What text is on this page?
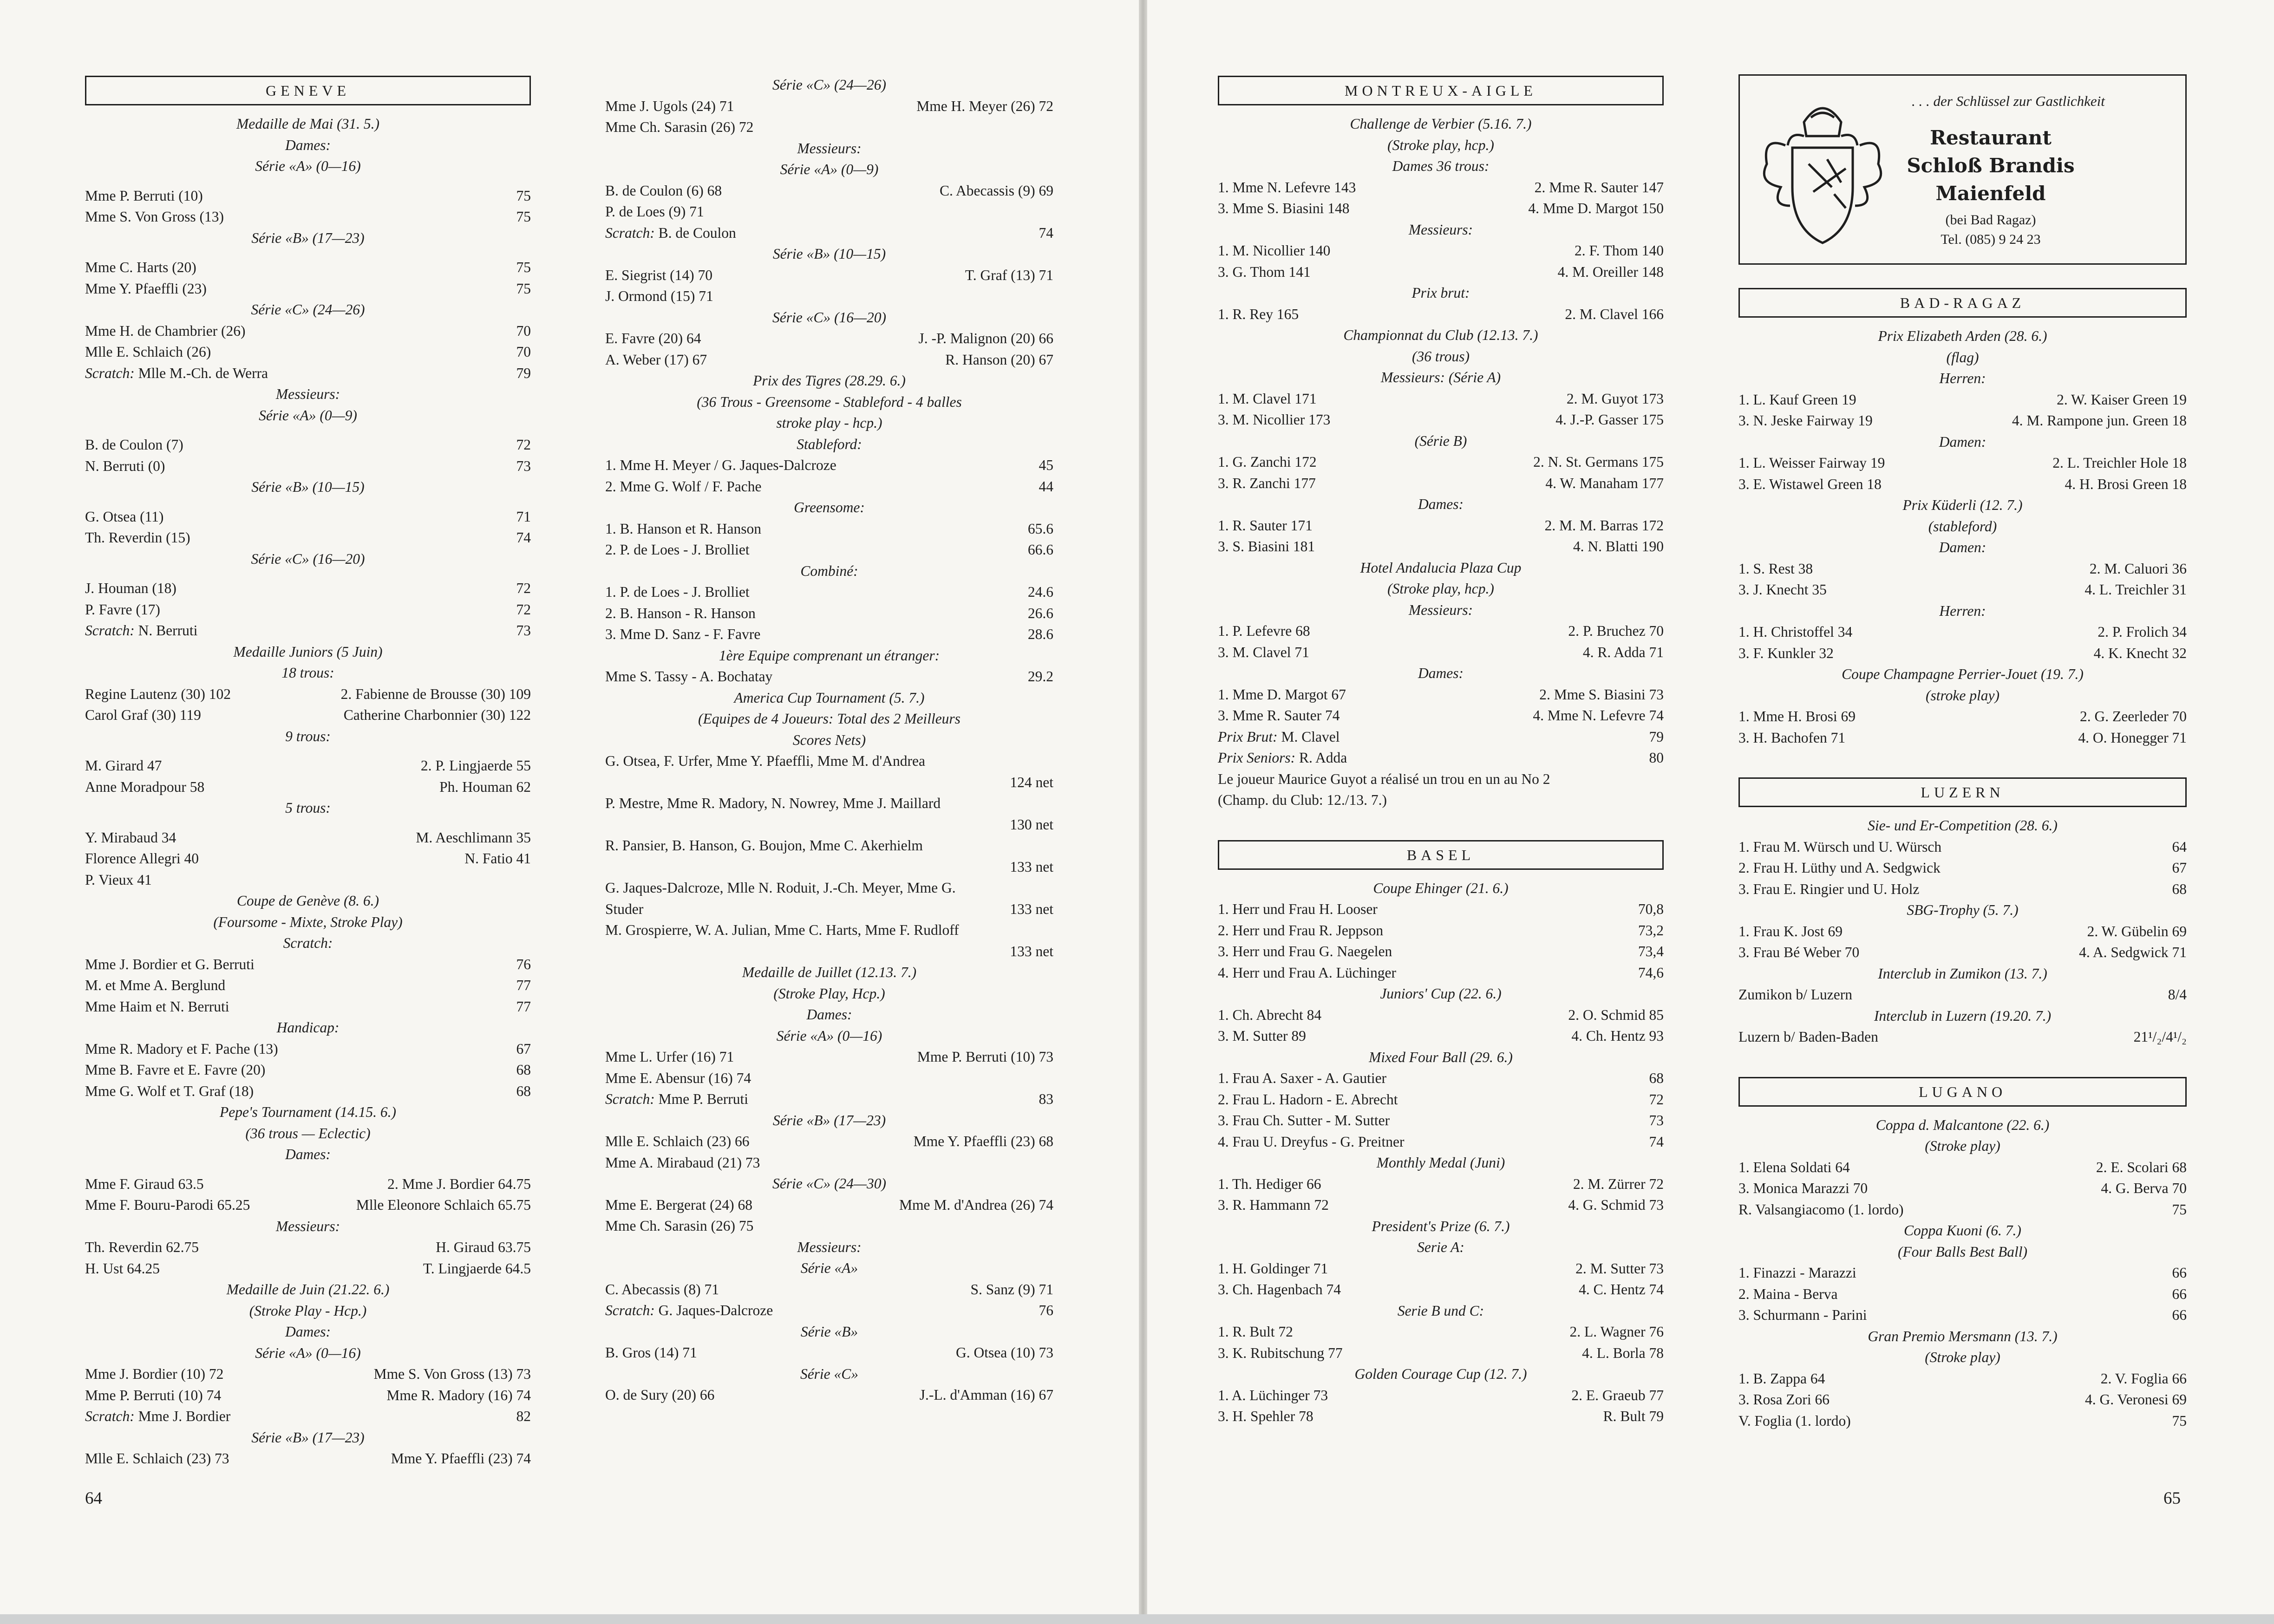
GENEVE
Medaille de Mai (31. 5.)
Dames:
Série «A» (0—16)
Mme P. Berruti (10)	75
Mme S. Von Gross (13)	75
Série «B» (17—23)
Mme C. Harts (20)	75
Mme Y. Pfaeffli (23)	75
Série «C» (24—26)
Mme H. de Chambrier (26)	70
Mlle E. Schlaich (26)	70
Scratch: Mlle M.-Ch. de Werra	79
Messieurs:
Série «A» (0—9)
B. de Coulon (7)	72
N. Berruti (0)	73
Série «B» (10—15)
G. Otsea (11)	71
Th. Reverdin (15)	74
Série «C» (16—20)
J. Houman (18)	72
P. Favre (17)	72
Scratch: N. Berruti	73
Medaille Juniors (5 Juin)
18 trous:
Regine Lautenz (30) 102	2. Fabienne de Brousse (30) 109
Carol Graf (30) 119	Catherine Charbonnier (30) 122
9 trous:
M. Girard 47	2. P. Lingjaerde 55
Anne Moradpour 58	Ph. Houman 62
5 trous:
Y. Mirabaud 34	M. Aeschlimann 35
Florence Allegri 40	N. Fatio 41
P. Vieux 41
Coupe de Genève (8. 6.)
(Foursome - Mixte, Stroke Play)
Scratch:
Mme J. Bordier et G. Berruti	76
M. et Mme A. Berglund	77
Mme Haim et N. Berruti	77
Handicap:
Mme R. Madory et F. Pache (13)	67
Mme B. Favre et E. Favre (20)	68
Mme G. Wolf et T. Graf (18)	68
Pepe's Tournament (14.15. 6.)
(36 trous — Eclectic)
Dames:
Mme F. Giraud 63.5	2. Mme J. Bordier 64.75
Mme F. Bouru-Parodi 65.25	Mlle Eleonore Schlaich 65.75
Messieurs:
Th. Reverdin 62.75	H. Giraud 63.75
H. Ust 64.25	T. Lingjaerde 64.5
Medaille de Juin (21.22. 6.)
(Stroke Play - Hcp.)
Dames:
Série «A» (0—16)
Mme J. Bordier (10) 72	Mme S. Von Gross (13) 73
Mme P. Berruti (10) 74	Mme R. Madory (16) 74
Scratch: Mme J. Bordier	82
Série «B» (17—23)
Mlle E. Schlaich (23) 73	Mme Y. Pfaeffli (23) 74
Série «C» (24—26)
Mme J. Ugols (24) 71	Mme H. Meyer (26) 72
Mme Ch. Sarasin (26) 72
Messieurs:
Série «A» (0—9)
B. de Coulon (6) 68	C. Abecassis (9) 69
P. de Loes (9) 71
Scratch: B. de Coulon	74
Série «B» (10—15)
E. Siegrist (14) 70	T. Graf (13) 71
J. Ormond (15) 71
Série «C» (16—20)
E. Favre (20) 64	J. -P. Malignon (20) 66
A. Weber (17) 67	R. Hanson (20) 67
Prix des Tigres (28.29. 6.)
(36 Trous - Greensome - Stableford - 4 balles
stroke play - hcp.)
Stableford:
1. Mme H. Meyer / G. Jaques-Dalcroze	45
2. Mme G. Wolf / F. Pache	44
Greensome:
1. B. Hanson et R. Hanson	65.6
2. P. de Loes - J. Brolliet	66.6
Combiné:
1. P. de Loes - J. Brolliet	24.6
2. B. Hanson - R. Hanson	26.6
3. Mme D. Sanz - F. Favre	28.6
1ère Equipe comprenant un étranger:
Mme S. Tassy - A. Bochatay	29.2
America Cup Tournament (5. 7.)
(Equipes de 4 Joueurs: Total des 2 Meilleurs
Scores Nets)
G. Otsea, F. Urfer, Mme Y. Pfaeffli, Mme M. d'Andrea
124 net
P. Mestre, Mme R. Madory, N. Nowrey, Mme J. Maillard
130 net
R. Pansier, B. Hanson, G. Boujon, Mme C. Akerhielm
133 net
G. Jaques-Dalcroze, Mlle N. Roduit, J.-Ch. Meyer, Mme G.
Studer	133 net
M. Grospierre, W. A. Julian, Mme C. Harts, Mme F. Rudloff
133 net
Medaille de Juillet (12.13. 7.)
(Stroke Play, Hcp.)
Dames:
Série «A» (0—16)
Mme L. Urfer (16) 71	Mme P. Berruti (10) 73
Mme E. Abensur (16) 74
Scratch: Mme P. Berruti	83
Série «B» (17—23)
Mlle E. Schlaich (23) 66	Mme Y. Pfaeffli (23) 68
Mme A. Mirabaud (21) 73
Série «C» (24—30)
Mme E. Bergerat (24) 68	Mme M. d'Andrea (26) 74
Mme Ch. Sarasin (26) 75
Messieurs:
Série «A»
C. Abecassis (8) 71	S. Sanz (9) 71
Scratch: G. Jaques-Dalcroze	76
Série «B»
B. Gros (14) 71	G. Otsea (10) 73
Série «C»
O. de Sury (20) 66	J.-L. d'Amman (16) 67
64
MONTREUX-AIGLE
Challenge de Verbier (5.16. 7.)
(Stroke play, hcp.)
Dames 36 trous:
1. Mme N. Lefevre 143	2. Mme R. Sauter 147
3. Mme S. Biasini 148	4. Mme D. Margot 150
Messieurs:
1. M. Nicollier 140	2. F. Thom 140
3. G. Thom 141	4. M. Oreiller 148
Prix brut:
1. R. Rey 165	2. M. Clavel 166
Championnat du Club (12.13. 7.)
(36 trous)
Messieurs: (Série A)
1. M. Clavel 171	2. M. Guyot 173
3. M. Nicollier 173	4. J.-P. Gasser 175
(Série B)
1. G. Zanchi 172	2. N. St. Germans 175
3. R. Zanchi 177	4. W. Manaham 177
Dames:
1. R. Sauter 171	2. M. M. Barras 172
3. S. Biasini 181	4. N. Blatti 190
Hotel Andalucia Plaza Cup
(Stroke play, hcp.)
Messieurs:
1. P. Lefevre 68	2. P. Bruchez 70
3. M. Clavel 71	4. R. Adda 71
Dames:
1. Mme D. Margot 67	2. Mme S. Biasini 73
3. Mme R. Sauter 74	4. Mme N. Lefevre 74
Prix Brut: M. Clavel	79
Prix Seniors: R. Adda	80
Le joueur Maurice Guyot a réalisé un trou en un au No 2
(Champ. du Club: 12./13. 7.)
BASEL
Coupe Ehinger (21. 6.)
1. Herr und Frau H. Looser	70,8
2. Herr und Frau R. Jeppson	73,2
3. Herr und Frau G. Naegelen	73,4
4. Herr und Frau A. Lüchinger	74,6
Juniors' Cup (22. 6.)
1. Ch. Abrecht 84	2. O. Schmid 85
3. M. Sutter 89	4. Ch. Hentz 93
Mixed Four Ball (29. 6.)
1. Frau A. Saxer - A. Gautier	68
2. Frau L. Hadorn - E. Abrecht	72
3. Frau Ch. Sutter - M. Sutter	73
4. Frau U. Dreyfus - G. Preitner	74
Monthly Medal (Juni)
1. Th. Hediger 66	2. M. Zürrer 72
3. R. Hammann 72	4. G. Schmid 73
President's Prize (6. 7.)
Serie A:
1. H. Goldinger 71	2. M. Sutter 73
3. Ch. Hagenbach 74	4. C. Hentz 74
Serie B und C:
1. R. Bult 72	2. L. Wagner 76
3. K. Rubitschung 77	4. L. Borla 78
Golden Courage Cup (12. 7.)
1. A. Lüchinger 73	2. E. Graeub 77
3. H. Spehler 78	R. Bult 79
. . . der Schlüssel zur Gastlichkeit
Restaurant
Schloß Brandis
Maienfeld
(bei Bad Ragaz)
Tel. (085) 9 24 23
BAD-RAGAZ
Prix Elizabeth Arden (28. 6.)
(flag)
Herren:
1. L. Kauf Green 19	2. W. Kaiser Green 19
3. N. Jeske Fairway 19	4. M. Rampone jun. Green 18
Damen:
1. L. Weisser Fairway 19	2. L. Treichler Hole 18
3. E. Wistawel Green 18	4. H. Brosi Green 18
Prix Küderli (12. 7.)
(stableford)
Damen:
1. S. Rest 38	2. M. Caluori 36
3. J. Knecht 35	4. L. Treichler 31
Herren:
1. H. Christoffel 34	2. P. Frolich 34
3. F. Kunkler 32	4. K. Knecht 32
Coupe Champagne Perrier-Jouet (19. 7.)
(stroke play)
1. Mme H. Brosi 69	2. G. Zeerleder 70
3. H. Bachofen 71	4. O. Honegger 71
LUZERN
Sie- und Er-Competition (28. 6.)
1. Frau M. Würsch und U. Würsch	64
2. Frau H. Lüthy und A. Sedgwick	67
3. Frau E. Ringier und U. Holz	68
SBG-Trophy (5. 7.)
1. Frau K. Jost 69	2. W. Gübelin 69
3. Frau Bé Weber 70	4. A. Sedgwick 71
Interclub in Zumikon (13. 7.)
Zumikon b/ Luzern	8/4
Interclub in Luzern (19.20. 7.)
Luzern b/ Baden-Baden	21¹/₂/4¹/₂
LUGANO
Coppa d. Malcantone (22. 6.)
(Stroke play)
1. Elena Soldati 64	2. E. Scolari 68
3. Monica Marazzi 70	4. G. Berva 70
R. Valsangiacomo (1. lordo)	75
Coppa Kuoni (6. 7.)
(Four Balls Best Ball)
1. Finazzi - Marazzi	66
2. Maina - Berva	66
3. Schurmann - Parini	66
Gran Premio Mersmann (13. 7.)
(Stroke play)
1. B. Zappa 64	2. V. Foglia 66
3. Rosa Zori 66	4. G. Veronesi 69
V. Foglia (1. lordo)	75
65
